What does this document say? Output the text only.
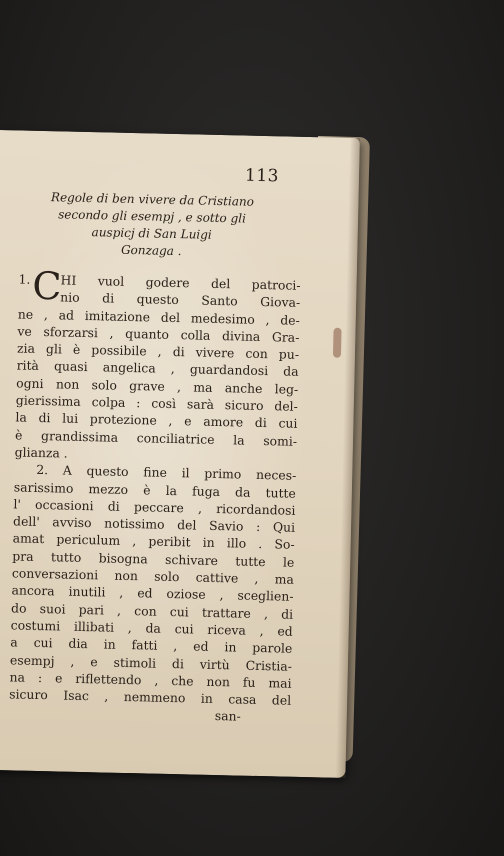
113
Regole di ben vivere da Cristiano
secondo gli esempj , e sotto gli
auspicj di San Luigi
Gonzaga .
1. C
HI vuol godere del patroci-
nio di questo Santo Giova-
ne , ad imitazione del medesimo , de-
ve sforzarsi , quanto colla divina Gra-
zia gli è possibile , di vivere con pu-
rità quasi angelica , guardandosi da
ogni non solo grave , ma anche leg-
gierissima colpa : così sarà sicuro del-
la di lui protezione , e amore di cui
è grandissima conciliatrice la somi-
glianza .
2. A questo fine il primo neces-
sarissimo mezzo è la fuga da tutte
l' occasioni di peccare , ricordandosi
dell' avviso notissimo del Savio : Qui
amat periculum , peribit in illo . So-
pra tutto bisogna schivare tutte le
conversazioni non solo cattive , ma
ancora inutili , ed oziose , sceglien-
do suoi pari , con cui trattare , di
costumi illibati , da cui riceva , ed
a cui dia in fatti , ed in parole
esempj , e stimoli di virtù Cristia-
na : e riflettendo , che non fu mai
sicuro Isac , nemmeno in casa del
san-
